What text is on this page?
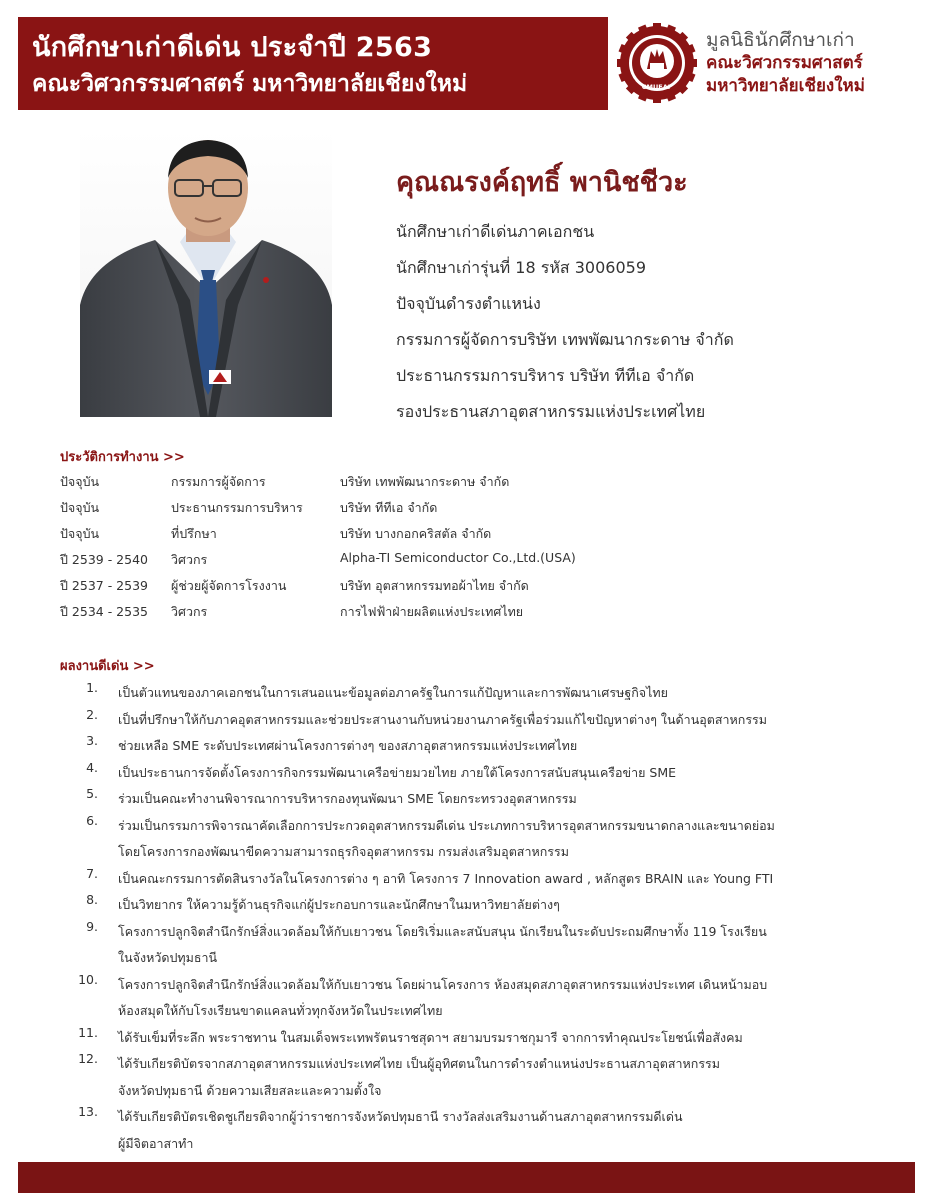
นักศึกษาเก่าดีเด่น ประจำปี 2563
คณะวิศวกรรมศาสตร์ มหาวิทยาลัยเชียงใหม่	CMUEAF
มูลนิธินักศึกษาเก่า
คณะวิศวกรรมศาสตร์
มหาวิทยาลัยเชียงใหม่
คุณณรงค์ฤทธิ์ พานิชชีวะ
นักศึกษาเก่าดีเด่นภาคเอกชน
นักศึกษาเก่ารุ่นที่ 18 รหัส 3006059
ปัจจุบันดำรงตำแหน่ง
กรรมการผู้จัดการบริษัท เทพพัฒนากระดาษ จำกัด
ประธานกรรมการบริหาร บริษัท ทีทีเอ จำกัด
รองประธานสภาอุตสาหกรรมแห่งประเทศไทย
ประวัติการทำงาน >>
ปัจจุบัน	กรรมการผู้จัดการ	บริษัท เทพพัฒนากระดาษ จำกัด
ปัจจุบัน	ประธานกรรมการบริหาร	บริษัท ทีทีเอ จำกัด
ปัจจุบัน	ที่ปรึกษา	บริษัท บางกอกคริสตัล จำกัด
ปี 2539 - 2540 วิศวกร	Alpha-TI Semiconductor Co.,Ltd.(USA)
ปี 2537 - 2539 ผู้ช่วยผู้จัดการโรงงาน	บริษัท อุตสาหกรรมทอผ้าไทย จำกัด
ปี 2534 - 2535 วิศวกร	การไฟฟ้าฝ่ายผลิตแห่งประเทศไทย
ผลงานดีเด่น >>
1. เป็นตัวแทนของภาคเอกชนในการเสนอแนะข้อมูลต่อภาครัฐในการแก้ปัญหาและการพัฒนาเศรษฐกิจไทย
2. เป็นที่ปรึกษาให้กับภาคอุตสาหกรรมและช่วยประสานงานกับหน่วยงานภาครัฐเพื่อร่วมแก้ไขปัญหาต่างๆ ในด้านอุตสาหกรรม
3. ช่วยเหลือ SME ระดับประเทศผ่านโครงการต่างๆ ของสภาอุตสาหกรรมแห่งประเทศไทย
4. เป็นประธานการจัดตั้งโครงการกิจกรรมพัฒนาเครือข่ายมวยไทย ภายใต้โครงการสนับสนุนเครือข่าย SME
5. ร่วมเป็นคณะทำงานพิจารณาการบริหารกองทุนพัฒนา SME โดยกระทรวงอุตสาหกรรม
6. ร่วมเป็นกรรมการพิจารณาคัดเลือกการประกวดอุตสาหกรรมดีเด่น ประเภทการบริหารอุตสาหกรรมขนาดกลางและขนาดย่อม
โดยโครงการกองพัฒนาขีดความสามารถธุรกิจอุตสาหกรรม กรมส่งเสริมอุตสาหกรรม
7. เป็นคณะกรรมการตัดสินรางวัลในโครงการต่าง ๆ อาทิ โครงการ 7 Innovation award , หลักสูตร BRAIN และ Young FTI
8. เป็นวิทยากร ให้ความรู้ด้านธุรกิจแก่ผู้ประกอบการและนักศึกษาในมหาวิทยาลัยต่างๆ
9. โครงการปลูกจิตสำนึกรักษ์สิ่งแวดล้อมให้กับเยาวชน โดยริเริ่มและสนับสนุน นักเรียนในระดับประถมศึกษาทั้ง 119 โรงเรียน
ในจังหวัดปทุมธานี
10. โครงการปลูกจิตสำนึกรักษ์สิ่งแวดล้อมให้กับเยาวชน โดยผ่านโครงการ ห้องสมุดสภาอุตสาหกรรมแห่งประเทศ เดินหน้ามอบ
ห้องสมุดให้กับโรงเรียนขาดแคลนทั่วทุกจังหวัดในประเทศไทย
11. ได้รับเข็มที่ระลึก พระราชทาน ในสมเด็จพระเทพรัตนราชสุดาฯ สยามบรมราชกุมารี จากการทำคุณประโยชน์เพื่อสังคม
12. ได้รับเกียรติบัตรจากสภาอุตสาหกรรมแห่งประเทศไทย เป็นผู้อุทิศตนในการดำรงตำแหน่งประธานสภาอุตสาหกรรม
จังหวัดปทุมธานี ด้วยความเสียสละและความตั้งใจ
13. ได้รับเกียรติบัตรเชิดชูเกียรติจากผู้ว่าราชการจังหวัดปทุมธานี รางวัลส่งเสริมงานด้านสภาอุตสาหกรรมดีเด่น
ผู้มีจิตอาสาทำ
